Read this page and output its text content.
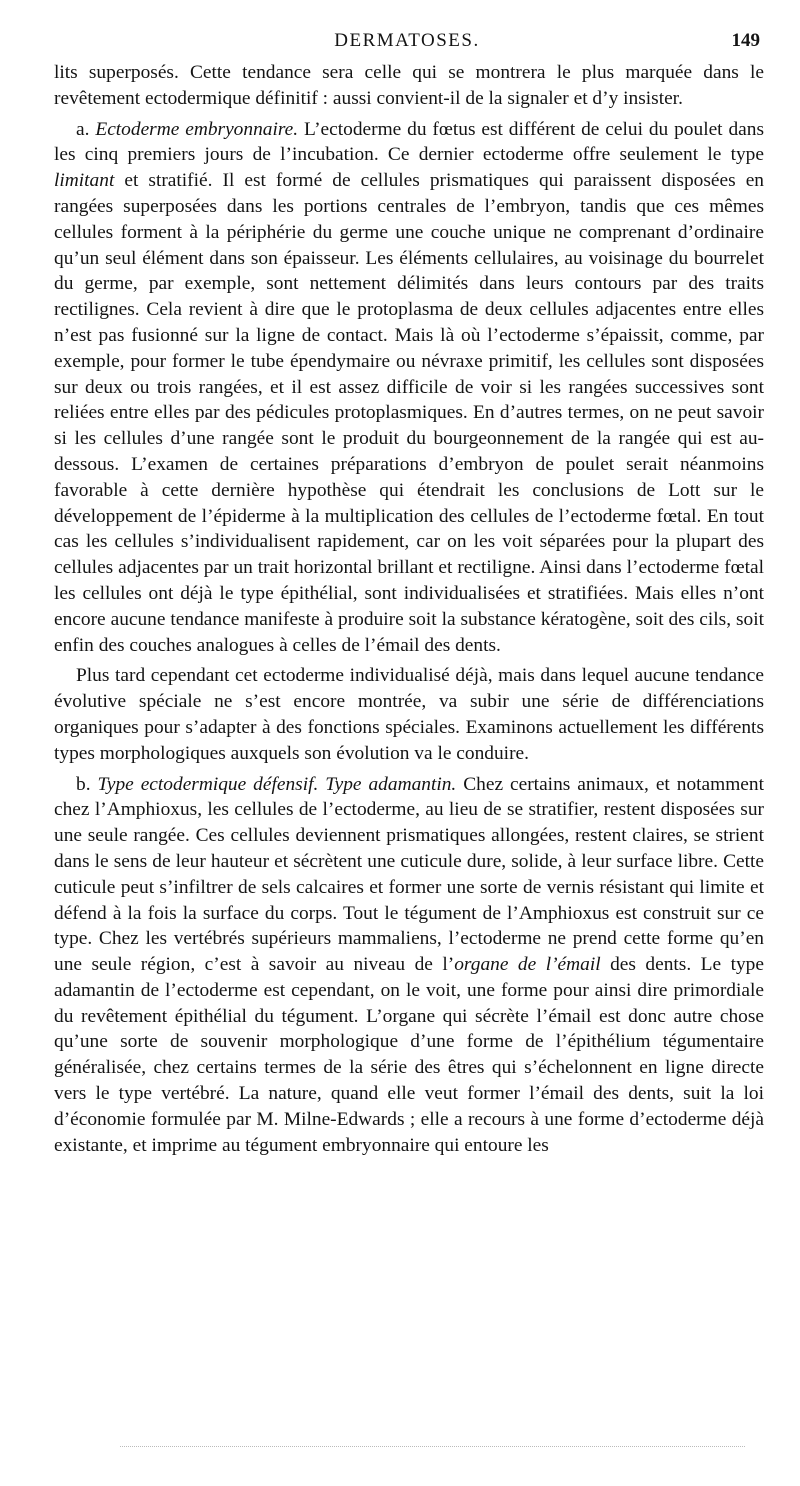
DERMATOSES.	149

lits superposés. Cette tendance sera celle qui se montrera le plus marquée dans le revêtement ectodermique définitif : aussi convient-il de la signaler et d’y insister.

a. Ectoderme embryonnaire. L’ectoderme du fœtus est différent de celui du poulet dans les cinq premiers jours de l’incubation. Ce dernier ectoderme offre seulement le type limitant et stratifié. Il est formé de cellules prismatiques qui paraissent disposées en rangées superposées dans les portions centrales de l’embryon, tandis que ces mêmes cellules forment à la périphérie du germe une couche unique ne comprenant d’ordinaire qu’un seul élément dans son épaisseur. Les éléments cellulaires, au voisinage du bourrelet du germe, par exemple, sont nettement délimités dans leurs contours par des traits rectilignes. Cela revient à dire que le protoplasma de deux cellules adjacentes entre elles n’est pas fusionné sur la ligne de contact. Mais là où l’ectoderme s’épaissit, comme, par exemple, pour former le tube épendymaire ou névraxe primitif, les cellules sont disposées sur deux ou trois rangées, et il est assez difficile de voir si les rangées successives sont reliées entre elles par des pédicules protoplasmiques. En d’autres termes, on ne peut savoir si les cellules d’une rangée sont le produit du bourgeonnement de la rangée qui est au-dessous. L’examen de certaines préparations d’embryon de poulet serait néanmoins favorable à cette dernière hypothèse qui étendrait les conclusions de Lott sur le développement de l’épiderme à la multiplication des cellules de l’ectoderme fœtal. En tout cas les cellules s’individualisent rapidement, car on les voit séparées pour la plupart des cellules adjacentes par un trait horizontal brillant et rectiligne. Ainsi dans l’ectoderme fœtal les cellules ont déjà le type épithélial, sont individualisées et stratifiées. Mais elles n’ont encore aucune tendance manifeste à produire soit la substance kératogène, soit des cils, soit enfin des couches analogues à celles de l’émail des dents.

Plus tard cependant cet ectoderme individualisé déjà, mais dans lequel aucune tendance évolutive spéciale ne s’est encore montrée, va subir une série de différenciations organiques pour s’adapter à des fonctions spéciales. Examinons actuellement les différents types morphologiques auxquels son évolution va le conduire.

b. Type ectodermique défensif. Type adamantin. Chez certains animaux, et notamment chez l’Amphioxus, les cellules de l’ectoderme, au lieu de se stratifier, restent disposées sur une seule rangée. Ces cellules deviennent prismatiques allongées, restent claires, se strient dans le sens de leur hauteur et sécrètent une cuticule dure, solide, à leur surface libre. Cette cuticule peut s’infiltrer de sels calcaires et former une sorte de vernis résistant qui limite et défend à la fois la surface du corps. Tout le tégument de l’Amphioxus est construit sur ce type. Chez les vertébrés supérieurs mammaliens, l’ectoderme ne prend cette forme qu’en une seule région, c’est à savoir au niveau de l’organe de l’émail des dents. Le type adamantin de l’ectoderme est cependant, on le voit, une forme pour ainsi dire primordiale du revêtement épithélial du tégument. L’organe qui sécrète l’émail est donc autre chose qu’une sorte de souvenir morphologique d’une forme de l’épithélium tégumentaire généralisée, chez certains termes de la série des êtres qui s’échelonnent en ligne directe vers le type vertébré. La nature, quand elle veut former l’émail des dents, suit la loi d’économie formulée par M. Milne-Edwards ; elle a recours à une forme d’ectoderme déjà existante, et imprime au tégument embryonnaire qui entoure les
